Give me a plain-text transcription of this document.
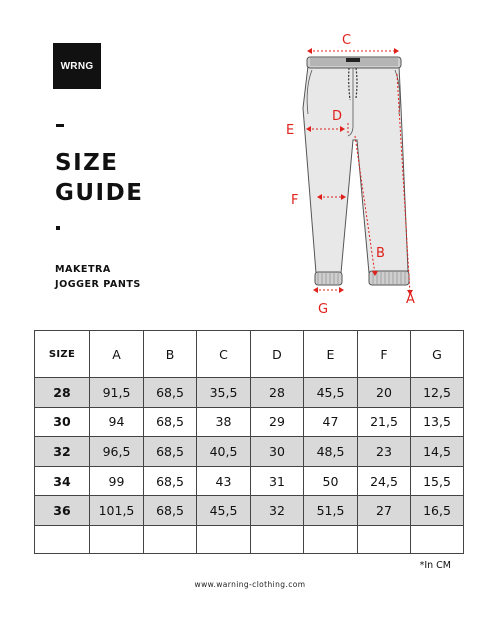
WRNG
SIZE
GUIDE
MAKETRA
JOGGER PANTS
C
D
E
F
B
A
G
SIZE	A	B	C	D	E	F	G
28	91,5	68,5	35,5	28	45,5	20	12,5
30	94	68,5	38	29	47	21,5	13,5
32	96,5	68,5	40,5	30	48,5	23	14,5
34	99	68,5	43	31	50	24,5	15,5
36	101,5	68,5	45,5	32	51,5	27	16,5

*In CM
www.warning-clothing.com
